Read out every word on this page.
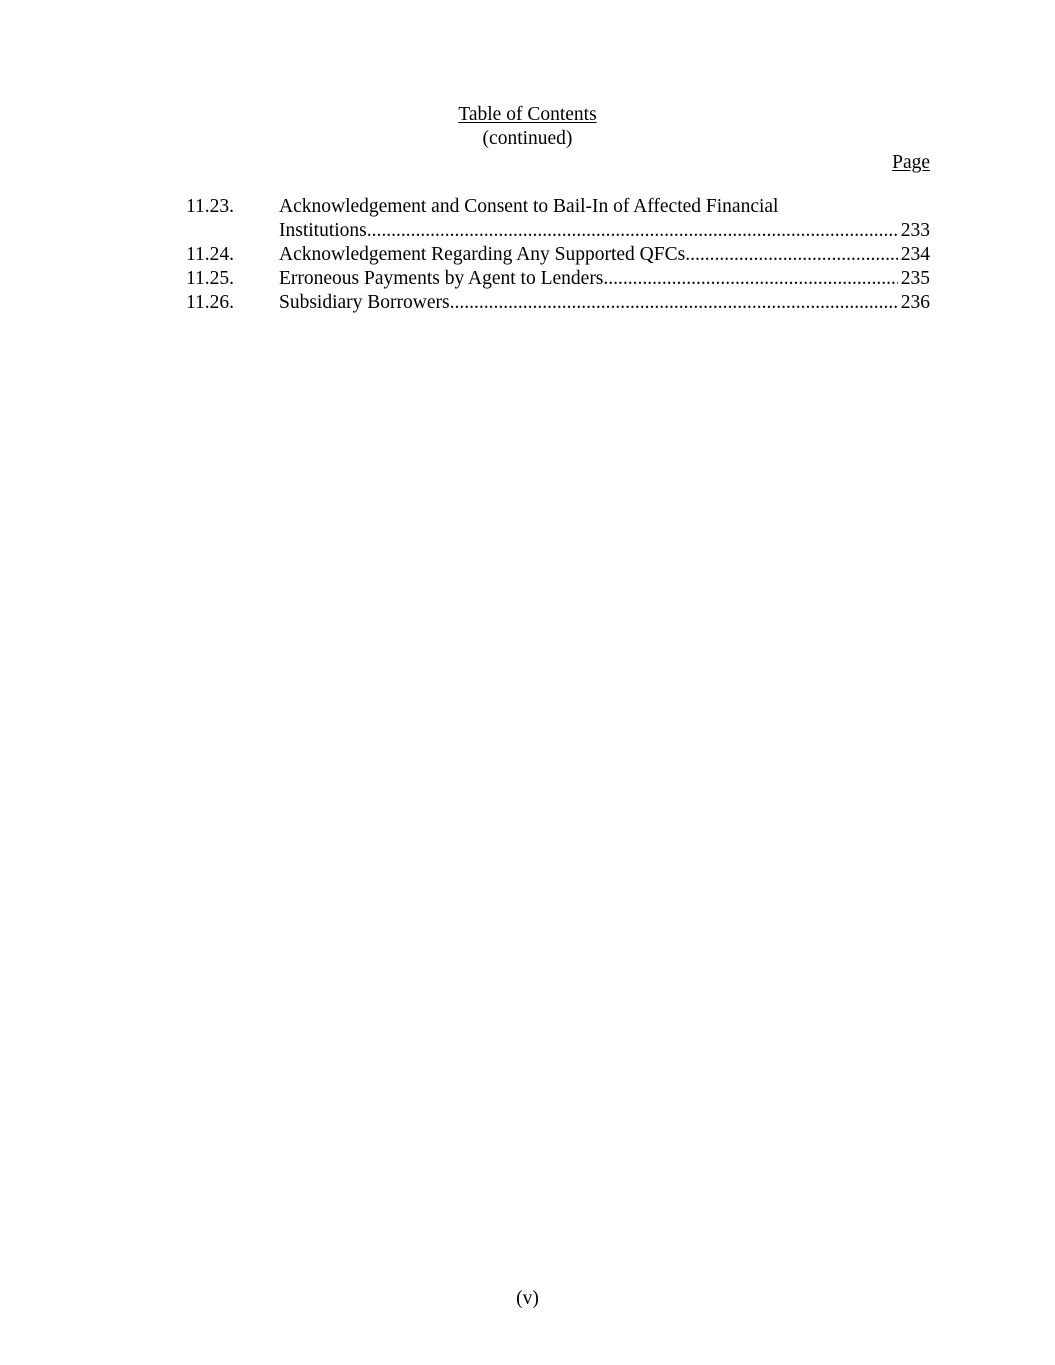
Table of Contents
(continued)
Page
11.23.	Acknowledgement and Consent to Bail-In of Affected Financial
Institutions .....	233
11.24.	Acknowledgement Regarding Any Supported QFCs .....	234
11.25.	Erroneous Payments by Agent to Lenders .....	235
11.26.	Subsidiary Borrowers .....	236
(v)
